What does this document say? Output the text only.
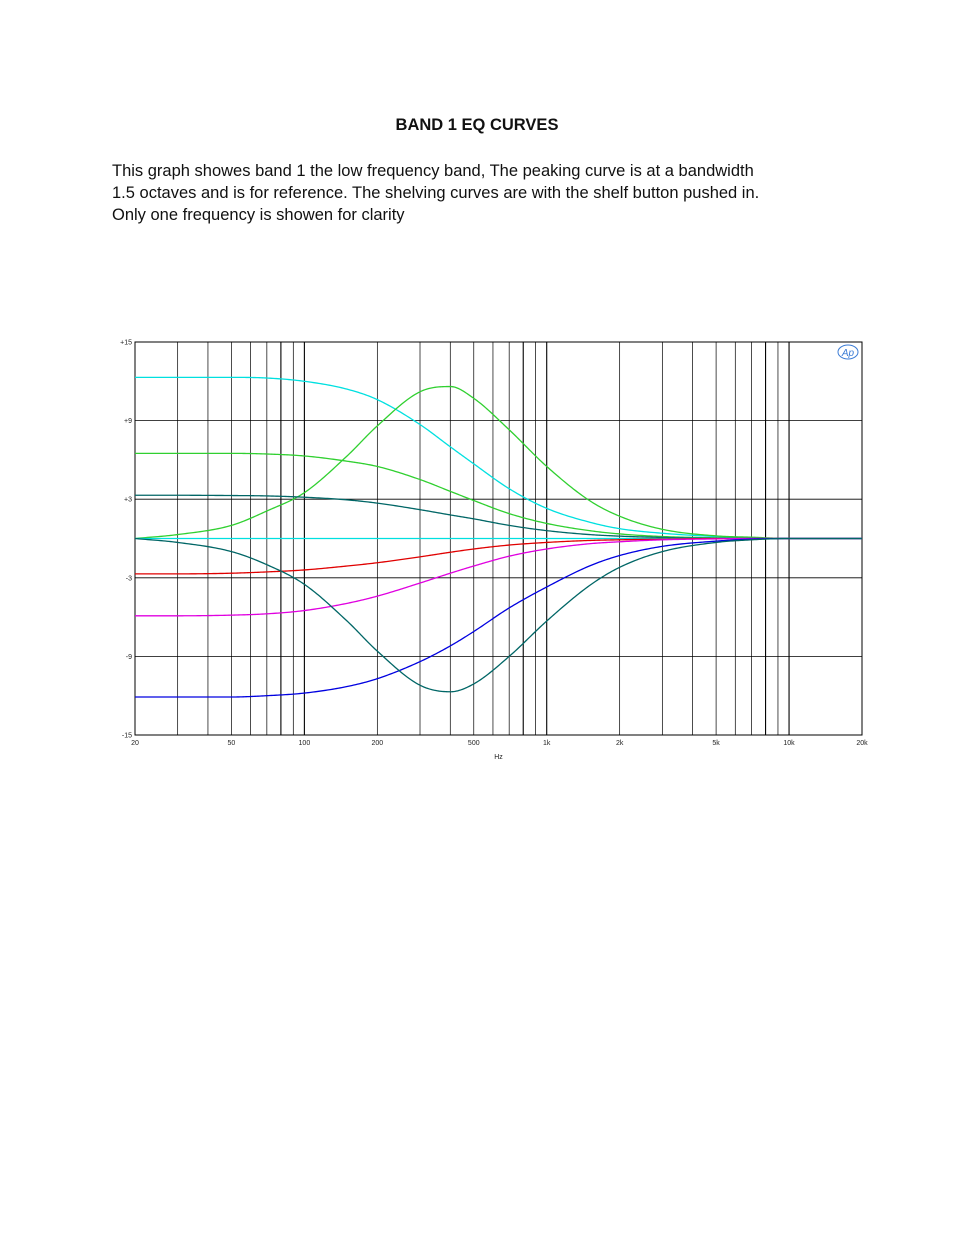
BAND 1 EQ CURVES
This graph showes band 1 the low frequency band, The peaking curve is at a bandwidth
1.5 octaves and is for reference. The shelving curves are with the shelf button pushed in.
Only one frequency is showen for clarity
+15
+9
+3
-3
-9
-15
20	50	100	200	500	1k	2k	5k	10k	20k
Hz
Ap
